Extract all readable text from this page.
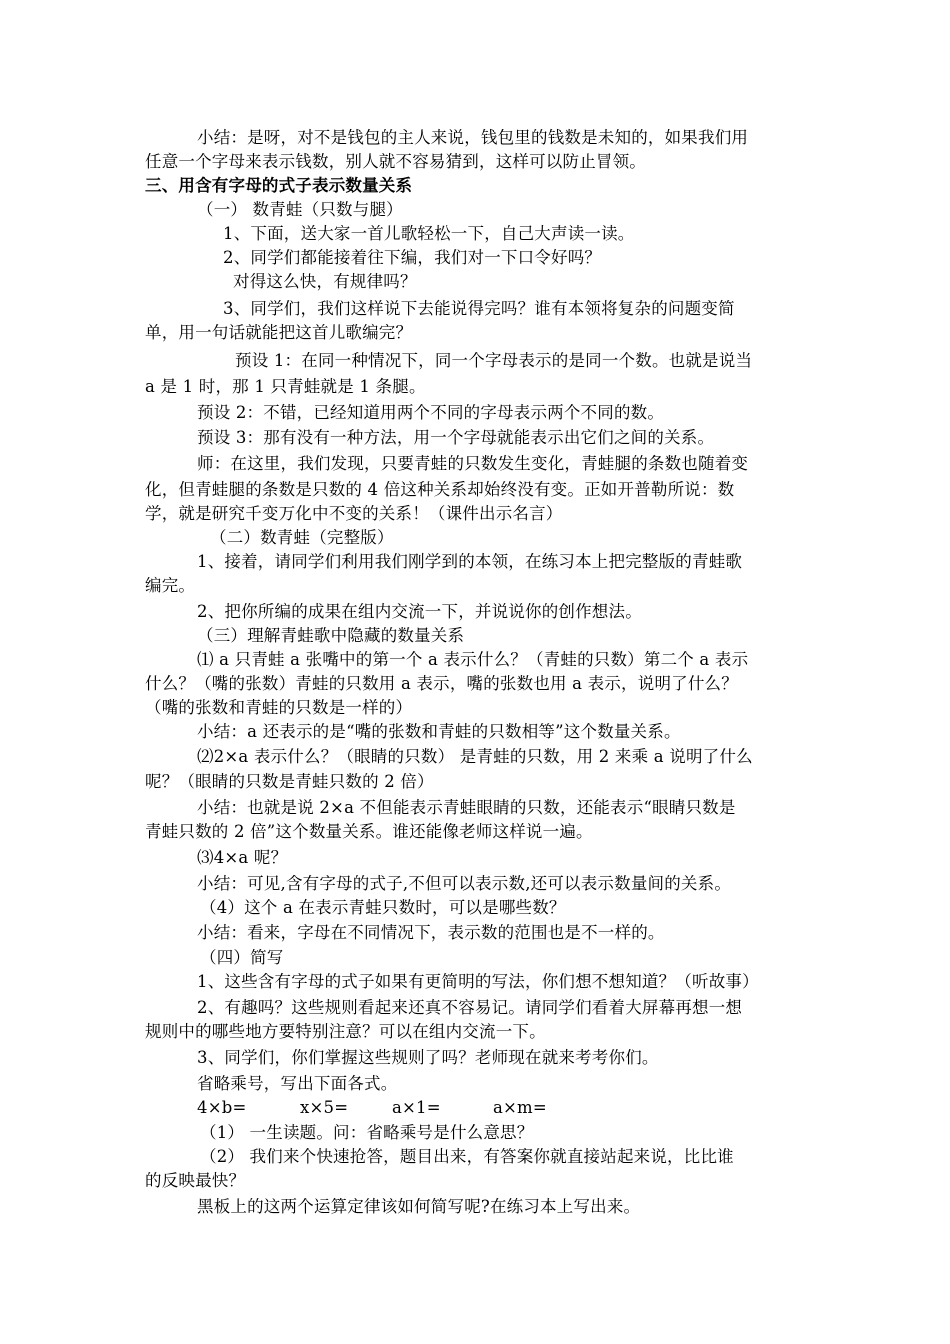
小结：是呀，对不是钱包的主人来说，钱包里的钱数是未知的，如果我们用
任意一个字母来表示钱数，别人就不容易猜到，这样可以防止冒领。
三、用含有字母的式子表示数量关系
（一） 数青蛙（只数与腿）
1、下面，送大家一首儿歌轻松一下，自己大声读一读。
2、同学们都能接着往下编，我们对一下口令好吗？
对得这么快，有规律吗？
3、同学们，我们这样说下去能说得完吗？谁有本领将复杂的问题变简
单，用一句话就能把这首儿歌编完？
预设 1：在同一种情况下，同一个字母表示的是同一个数。也就是说当
a 是 1 时，那 1 只青蛙就是 1 条腿。
预设 2：不错，已经知道用两个不同的字母表示两个不同的数。
预设 3：那有没有一种方法，用一个字母就能表示出它们之间的关系。
师：在这里，我们发现，只要青蛙的只数发生变化，青蛙腿的条数也随着变
化，但青蛙腿的条数是只数的 4 倍这种关系却始终没有变。正如开普勒所说：数
学，就是研究千变万化中不变的关系！（课件出示名言）
（二）数青蛙（完整版）
1、接着，请同学们利用我们刚学到的本领，在练习本上把完整版的青蛙歌
编完。
2、把你所编的成果在组内交流一下，并说说你的创作想法。
（三）理解青蛙歌中隐藏的数量关系
⑴ a 只青蛙 a 张嘴中的第一个 a 表示什么？（青蛙的只数）第二个 a 表示
什么？（嘴的张数）青蛙的只数用 a 表示，嘴的张数也用 a 表示，说明了什么？
（嘴的张数和青蛙的只数是一样的）
小结：a 还表示的是“嘴的张数和青蛙的只数相等”这个数量关系。
⑵2×a 表示什么？（眼睛的只数） 是青蛙的只数，用 2 来乘 a 说明了什么
呢？（眼睛的只数是青蛙只数的 2 倍）
小结：也就是说 2×a 不但能表示青蛙眼睛的只数，还能表示“眼睛只数是
青蛙只数的 2 倍”这个数量关系。谁还能像老师这样说一遍。
⑶4×a 呢？
小结：可见,含有字母的式子,不但可以表示数,还可以表示数量间的关系。
（4）这个 a 在表示青蛙只数时，可以是哪些数？
小结：看来，字母在不同情况下，表示数的范围也是不一样的。
（四）简写
1、这些含有字母的式子如果有更简明的写法，你们想不想知道？（听故事）
2、有趣吗？这些规则看起来还真不容易记。请同学们看着大屏幕再想一想
规则中的哪些地方要特别注意？可以在组内交流一下。
3、同学们，你们掌握这些规则了吗？老师现在就来考考你们。
省略乘号，写出下面各式。
4×b=	x×5=	a×1=	a×m=
（1） 一生读题。问：省略乘号是什么意思？
（2） 我们来个快速抢答，题目出来，有答案你就直接站起来说，比比谁
的反映最快？
黑板上的这两个运算定律该如何简写呢?在练习本上写出来。
